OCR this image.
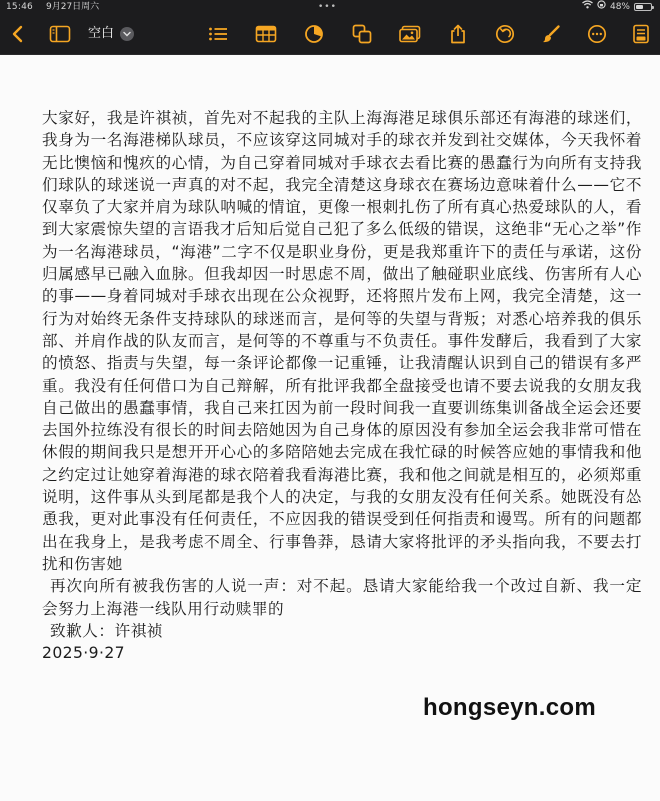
15:46 9月27日周六	•••	48%
空白

大家好，我是许祺祯，首先对不起我的主队上海海港足球俱乐部还有海港的球迷们，我身为一名海港梯队球员，不应该穿这同城对手的球衣并发到社交媒体，今天我怀着无比懊恼和愧疚的心情，为自己穿着同城对手球衣去看比赛的愚蠢行为向所有支持我们球队的球迷说一声真的对不起，我完全清楚这身球衣在赛场边意味着什么——它不仅辜负了大家并肩为球队呐喊的情谊，更像一根刺扎伤了所有真心热爱球队的人，看到大家震惊失望的言语我才后知后觉自己犯了多么低级的错误，这绝非“无心之举”作为一名海港球员，“海港”二字不仅是职业身份，更是我郑重许下的责任与承诺，这份归属感早已融入血脉。但我却因一时思虑不周，做出了触碰职业底线、伤害所有人心的事——身着同城对手球衣出现在公众视野，还将照片发布上网，我完全清楚，这一行为对始终无条件支持球队的球迷而言，是何等的失望与背叛；对悉心培养我的俱乐部、并肩作战的队友而言，是何等的不尊重与不负责任。事件发酵后，我看到了大家的愤怒、指责与失望，每一条评论都像一记重锤，让我清醒认识到自己的错误有多严重。我没有任何借口为自己辩解，所有批评我都全盘接受也请不要去说我的女朋友我自己做出的愚蠢事情，我自己来扛因为前一段时间我一直要训练集训备战全运会还要去国外拉练没有很长的时间去陪她因为自己身体的原因没有参加全运会我非常可惜在休假的期间我只是想开开心心的多陪陪她去完成在我忙碌的时候答应她的事情我和他之约定过让她穿着海港的球衣陪着我看海港比赛，我和他之间就是相互的，必须郑重说明，这件事从头到尾都是我个人的决定，与我的女朋友没有任何关系。她既没有怂恿我，更对此事没有任何责任，不应因我的错误受到任何指责和谩骂。所有的问题都出在我身上，是我考虑不周全、行事鲁莽，恳请大家将批评的矛头指向我，不要去打扰和伤害她

再次向所有被我伤害的人说一声：对不起。恳请大家能给我一个改过自新、我一定会努力上海港一线队用行动赎罪的

致歉人：许祺祯

2025·9·27

hongseyn.com
